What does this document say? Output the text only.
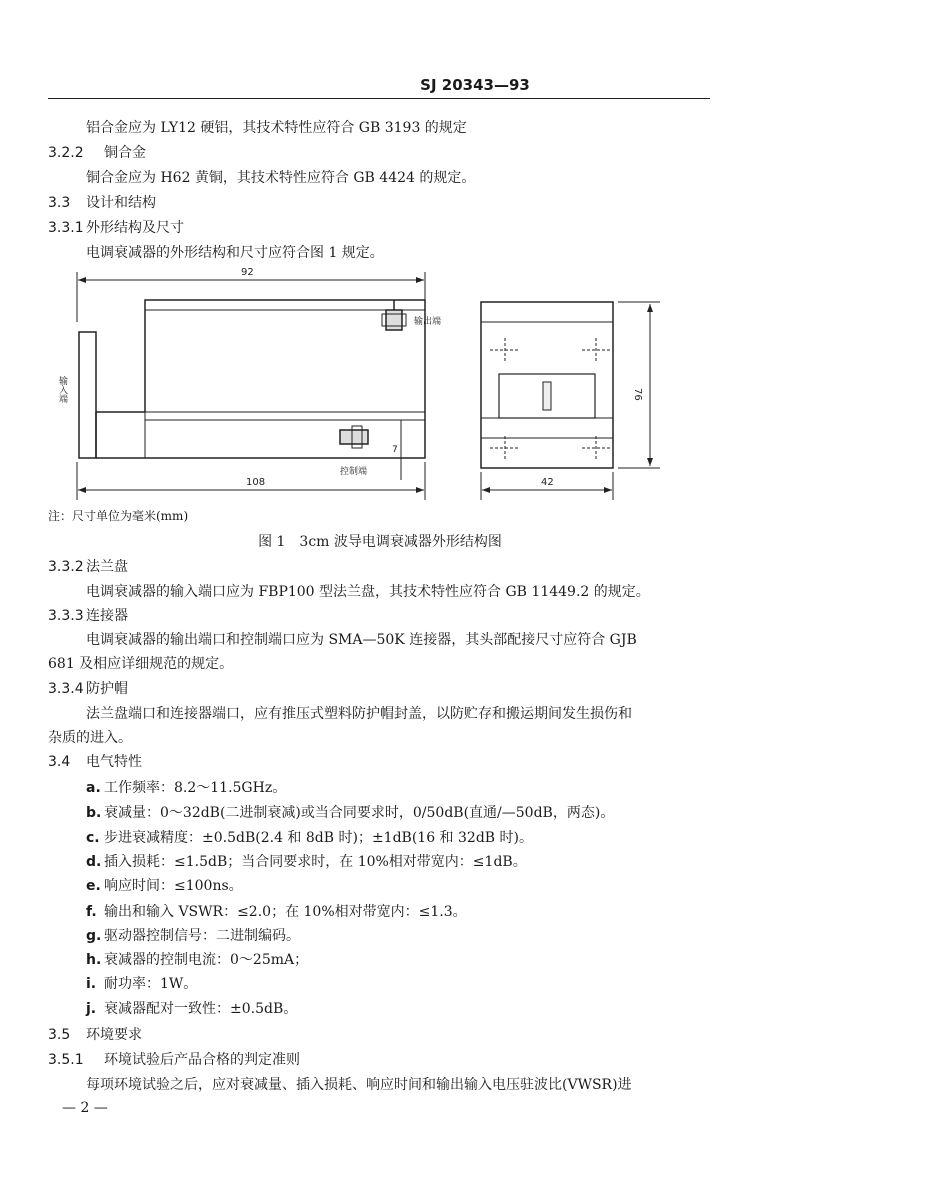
SJ 20343—93
铝合金应为 LY12 硬铝，其技术特性应符合 GB 3193 的规定
3.2.2 铜合金
铜合金应为 H62 黄铜，其技术特性应符合 GB 4424 的规定。
3.3 设计和结构
3.3.1 外形结构及尺寸
电调衰减器的外形结构和尺寸应符合图 1 规定。
92
108	42
76
7
输出端
控制端
输入端
注：尺寸单位为毫米(mm)
图 1　3cm 波导电调衰减器外形结构图
3.3.2 法兰盘
电调衰减器的输入端口应为 FBP100 型法兰盘，其技术特性应符合 GB 11449.2 的规定。
3.3.3 连接器
电调衰减器的输出端口和控制端口应为 SMA—50K 连接器，其头部配接尺寸应符合 GJB
681 及相应详细规范的规定。
3.3.4 防护帽
法兰盘端口和连接器端口，应有推压式塑料防护帽封盖，以防贮存和搬运期间发生损伤和
杂质的进入。
3.4 电气特性
a. 工作频率：8.2～11.5GHz。
b. 衰减量：0～32dB(二进制衰减)或当合同要求时，0/50dB(直通/—50dB，两态)。
c. 步进衰减精度：±0.5dB(2.4 和 8dB 时)；±1dB(16 和 32dB 时)。
d. 插入损耗：≤1.5dB；当合同要求时，在 10%相对带宽内：≤1dB。
e. 响应时间：≤100ns。
f. 输出和输入 VSWR：≤2.0；在 10%相对带宽内：≤1.3。
g. 驱动器控制信号：二进制编码。
h. 衰减器的控制电流：0～25mA；
i. 耐功率：1W。
j. 衰减器配对一致性：±0.5dB。
3.5 环境要求
3.5.1 环境试验后产品合格的判定准则
每项环境试验之后，应对衰减量、插入损耗、响应时间和输出输入电压驻波比(VWSR)进
— 2 —
